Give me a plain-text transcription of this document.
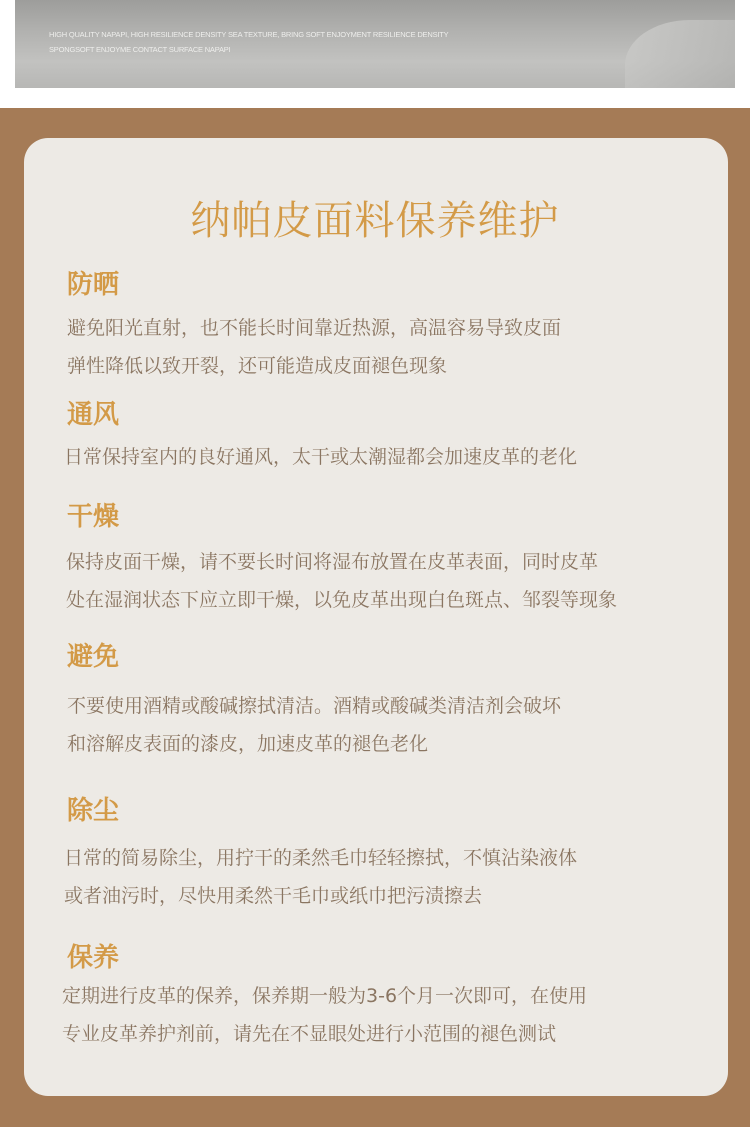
HIGH QUALITY NAPAPI, HIGH RESILIENCE DENSITY SEA TEXTURE, BRING SOFT ENJOYMENT RESILIENCE DENSITY
SPONGSOFT ENJOYME CONTACT SURFACE NAPAPI
纳帕皮面料保养维护
防晒
避免阳光直射，也不能长时间靠近热源，高温容易导致皮面
弹性降低以致开裂，还可能造成皮面褪色现象
通风
日常保持室内的良好通风，太干或太潮湿都会加速皮革的老化
干燥
保持皮面干燥，请不要长时间将湿布放置在皮革表面，同时皮革
处在湿润状态下应立即干燥，以免皮革出现白色斑点、邹裂等现象
避免
不要使用酒精或酸碱擦拭清洁。酒精或酸碱类清洁剂会破坏
和溶解皮表面的漆皮，加速皮革的褪色老化
除尘
日常的简易除尘，用拧干的柔然毛巾轻轻擦拭，不慎沾染液体
或者油污时，尽快用柔然干毛巾或纸巾把污渍擦去
保养
定期进行皮革的保养，保养期一般为3-6个月一次即可，在使用
专业皮革养护剂前，请先在不显眼处进行小范围的褪色测试
